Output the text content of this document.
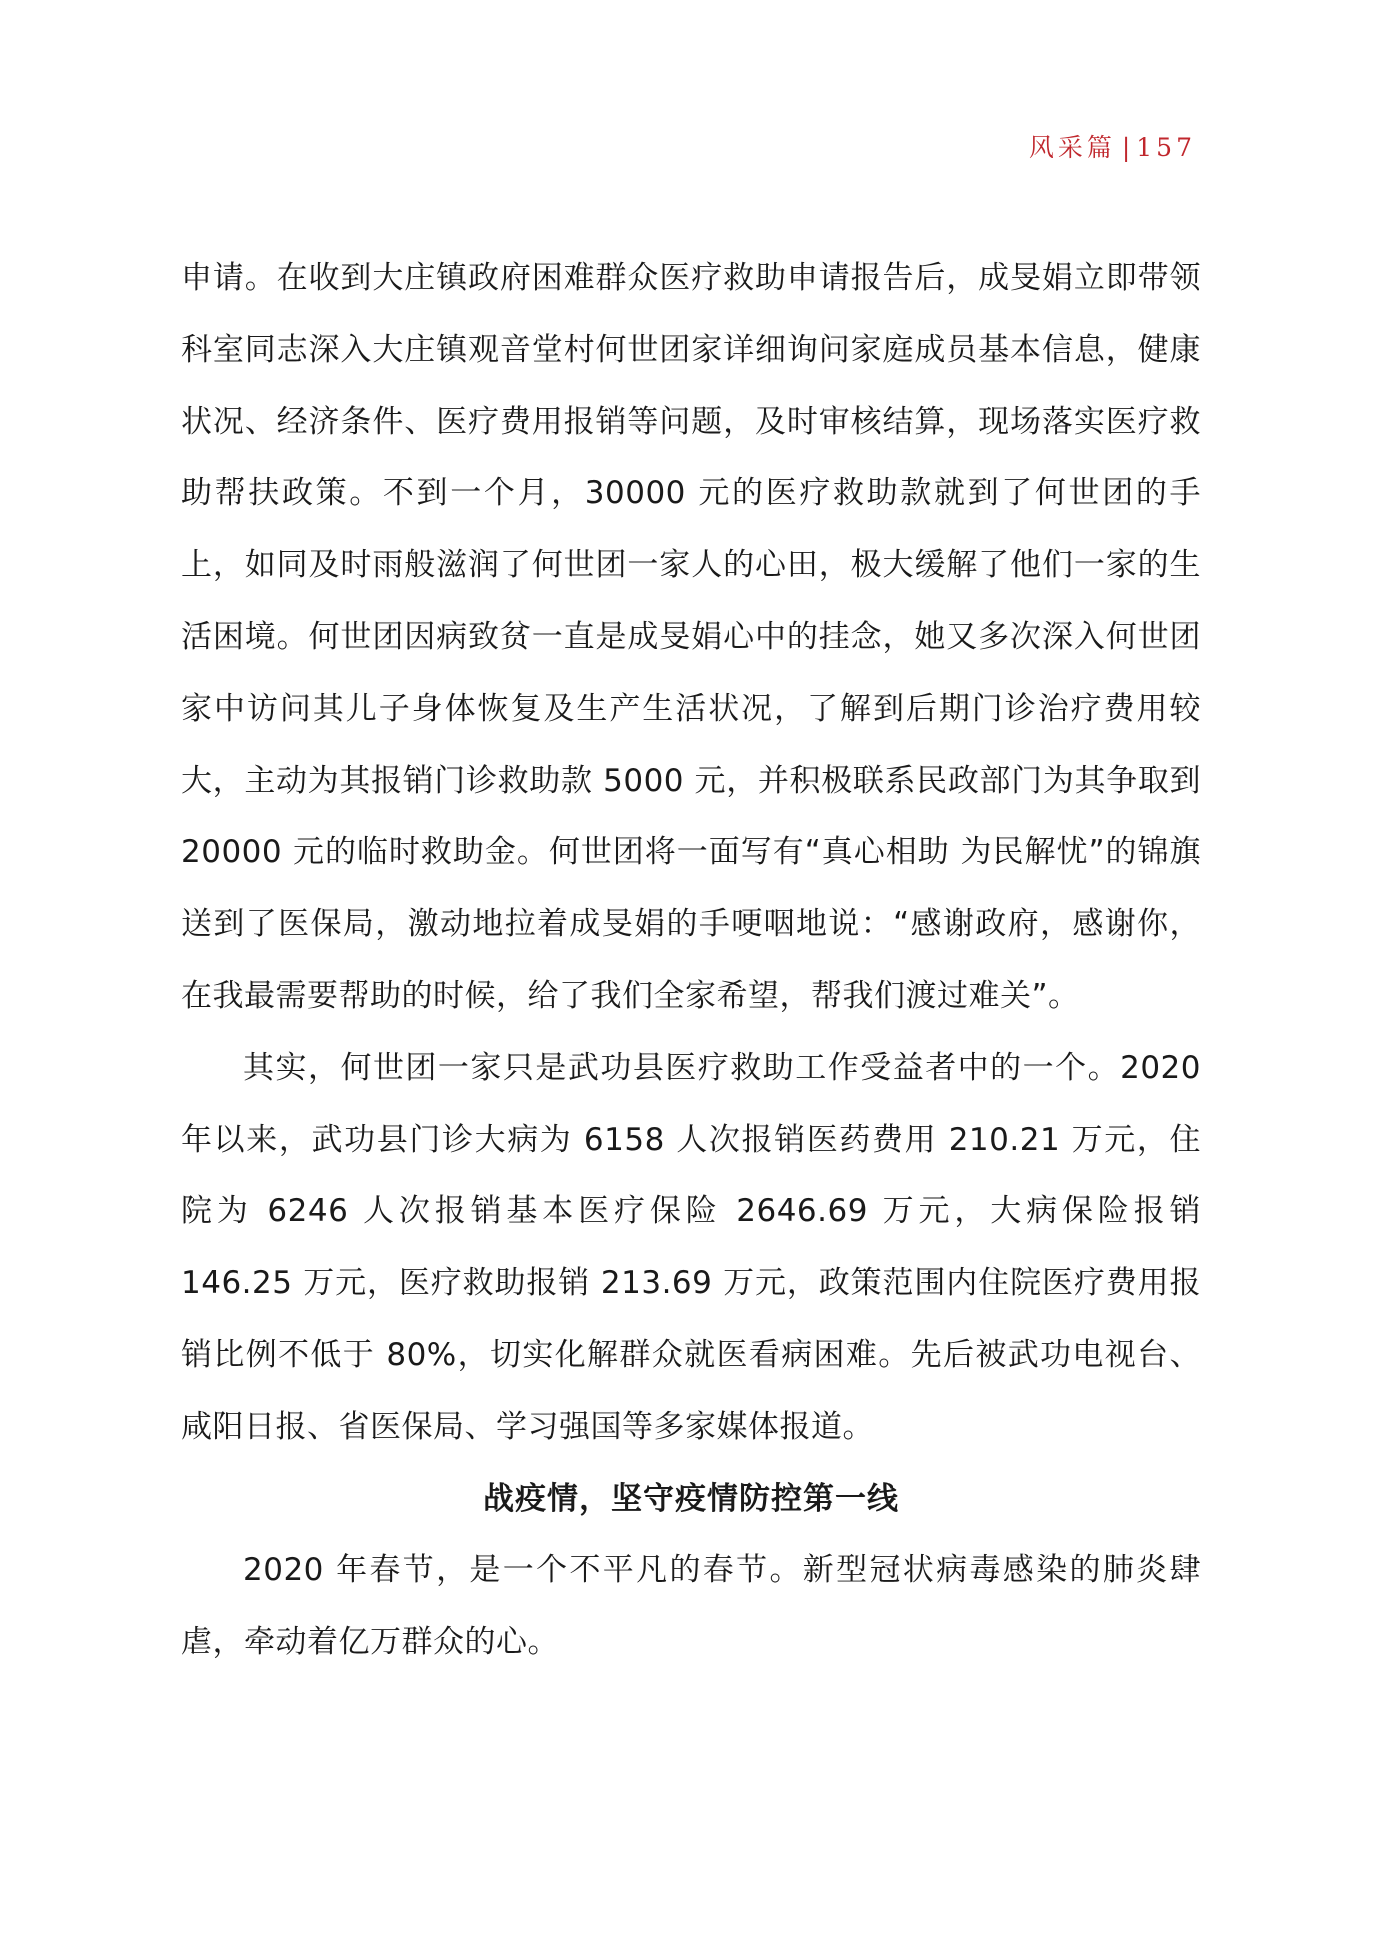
风采篇 | 157

申请。在收到大庄镇政府困难群众医疗救助申请报告后，成旻娟立即带领科室同志深入大庄镇观音堂村何世团家详细询问家庭成员基本信息，健康状况、经济条件、医疗费用报销等问题，及时审核结算，现场落实医疗救助帮扶政策。不到一个月，30000 元的医疗救助款就到了何世团的手上，如同及时雨般滋润了何世团一家人的心田，极大缓解了他们一家的生活困境。何世团因病致贫一直是成旻娟心中的挂念，她又多次深入何世团家中访问其儿子身体恢复及生产生活状况，了解到后期门诊治疗费用较大，主动为其报销门诊救助款 5000 元，并积极联系民政部门为其争取到 20000 元的临时救助金。何世团将一面写有“真心相助 为民解忧”的锦旗送到了医保局，激动地拉着成旻娟的手哽咽地说：“感谢政府，感谢你，在我最需要帮助的时候，给了我们全家希望，帮我们渡过难关”。

其实，何世团一家只是武功县医疗救助工作受益者中的一个。2020 年以来，武功县门诊大病为 6158 人次报销医药费用 210.21 万元，住院为 6246 人次报销基本医疗保险 2646.69 万元，大病保险报销 146.25 万元，医疗救助报销 213.69 万元，政策范围内住院医疗费用报销比例不低于 80%，切实化解群众就医看病困难。先后被武功电视台、咸阳日报、省医保局、学习强国等多家媒体报道。

战疫情，坚守疫情防控第一线

2020 年春节，是一个不平凡的春节。新型冠状病毒感染的肺炎肆虐，牵动着亿万群众的心。
